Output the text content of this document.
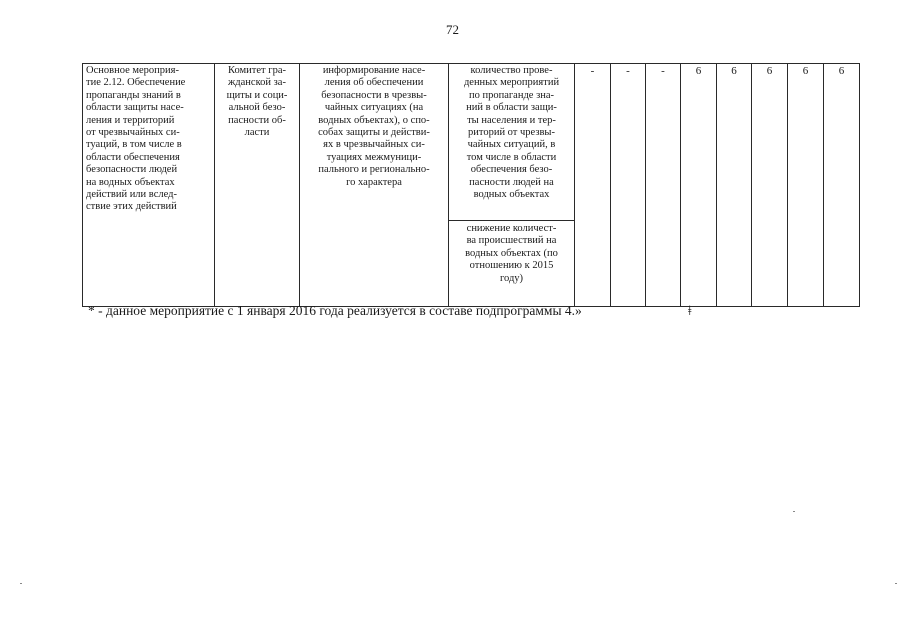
72
Основное мероприя-
тие 2.12. Обеспечение
пропаганды знаний в
области защиты насе-
ления и территорий
от чрезвычайных си-
туаций, в том числе в
области обеспечения
безопасности людей
на водных объектах
действий или вслед-
ствие этих действий	Комитет гра-
жданской за-
щиты и соци-
альной безо-
пасности об-
ласти	информирование насе-
ления об обеспечении
безопасности в чрезвы-
чайных ситуациях (на
водных объектах), о спо-
собах защиты и действи-
ях в чрезвычайных си-
туациях межмуници-
пального и регионально-
го характера	количество прове-
денных мероприятий
по пропаганде зна-
ний в области защи-
ты населения и тер-
риторий от чрезвы-
чайных ситуаций, в
том числе в области
обеспечения безо-
пасности людей на
водных объектах	-	-	-	6	6	6	6	6
снижение количест-
ва происшествий на
водных объектах (по
отношению к 2015
году)
* - данное мероприятие с 1 января 2016 года реализуется в составе подпрограммы 4.»	ǂ
